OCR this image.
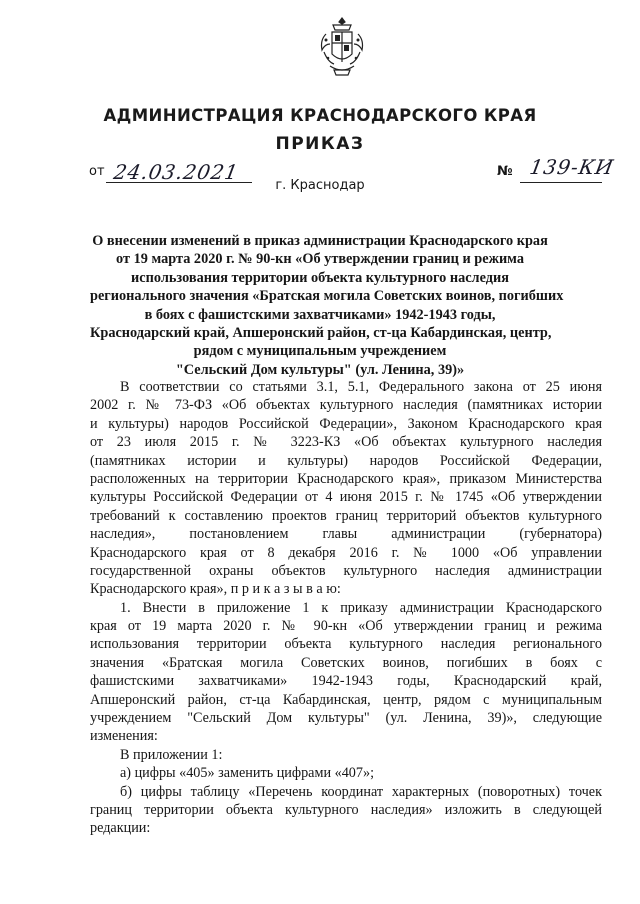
АДМИНИСТРАЦИЯ КРАСНОДАРСКОГО КРАЯ
ПРИКАЗ
от 24.03.2021	№ 139-КИ
г. Краснодар
О внесении изменений в приказ администрации Краснодарского края
от 19 марта 2020 г. № 90-кн «Об утверждении границ и режима
использования территории объекта культурного наследия
регионального значения «Братская могила Советских воинов, погибших
в боях с фашистскими захватчиками» 1942-1943 годы,
Краснодарский край, Апшеронский район, ст-ца Кабардинская, центр,
рядом с муниципальным учреждением
"Сельский Дом культуры" (ул. Ленина, 39)»
В соответствии со статьями 3.1, 5.1, Федерального закона от 25 июня
2002 г. № 73-ФЗ «Об объектах культурного наследия (памятниках истории
и культуры) народов Российской Федерации», Законом Краснодарского края
от 23 июля 2015 г. № 3223-КЗ «Об объектах культурного наследия
(памятниках истории и культуры) народов Российской Федерации,
расположенных на территории Краснодарского края», приказом Министерства
культуры Российской Федерации от 4 июня 2015 г. № 1745 «Об утверждении
требований к составлению проектов границ территорий объектов культурного
наследия», постановлением главы администрации (губернатора)
Краснодарского края от 8 декабря 2016 г. № 1000 «Об управлении
государственной охраны объектов культурного наследия администрации
Краснодарского края», п р и к а з ы в а ю:
1. Внести в приложение 1 к приказу администрации Краснодарского
края от 19 марта 2020 г. № 90-кн «Об утверждении границ и режима
использования территории объекта культурного наследия регионального
значения «Братская могила Советских воинов, погибших в боях с
фашистскими захватчиками» 1942-1943 годы, Краснодарский край,
Апшеронский район, ст-ца Кабардинская, центр, рядом с муниципальным
учреждением "Сельский Дом культуры" (ул. Ленина, 39)», следующие
изменения:
В приложении 1:
а) цифры «405» заменить цифрами «407»;
б) цифры таблицу «Перечень координат характерных (поворотных) точек
границ территории объекта культурного наследия» изложить в следующей
редакции:
